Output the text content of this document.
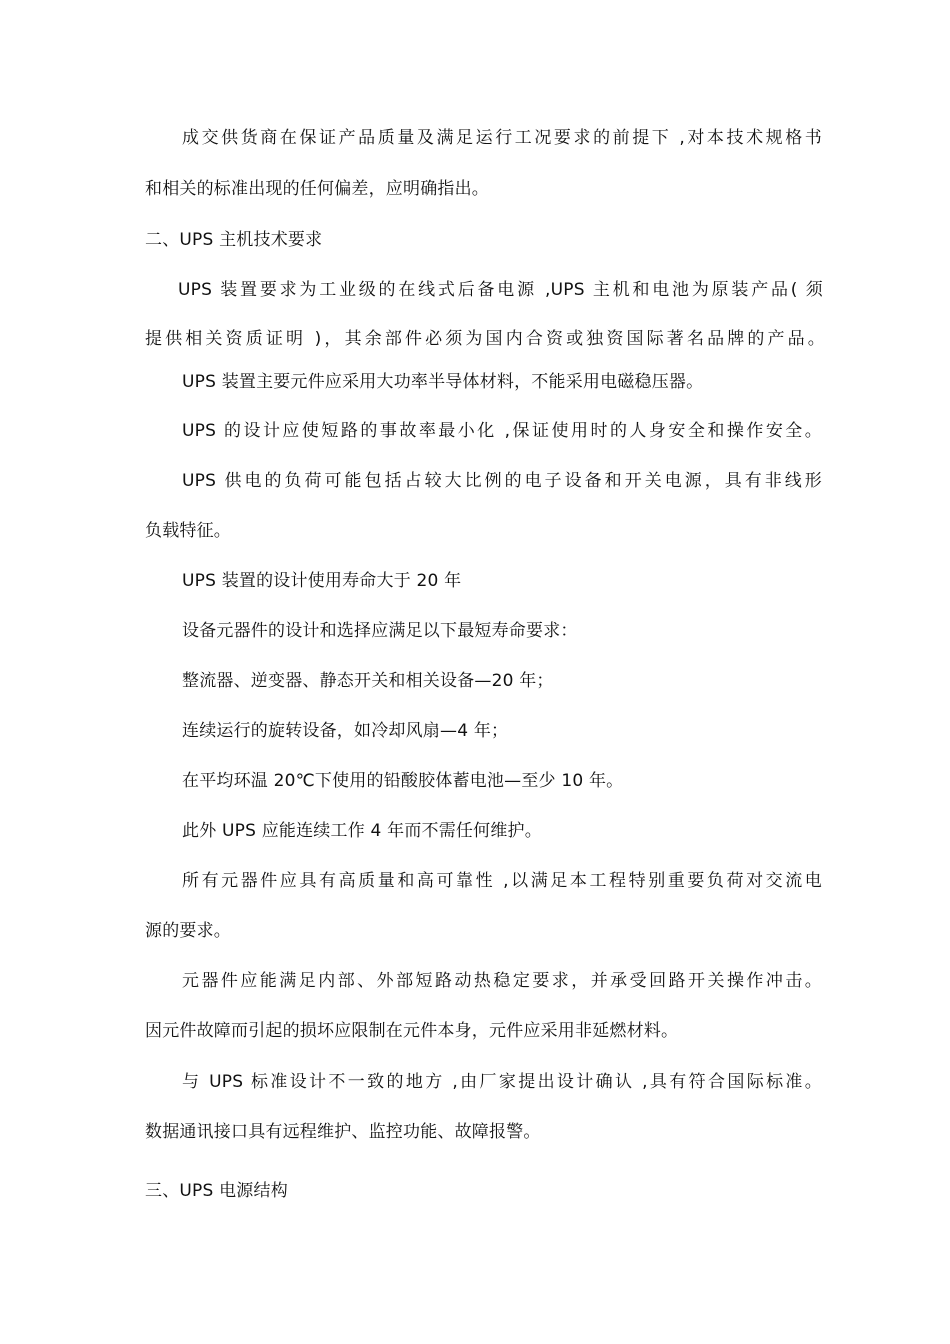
成交供货商在保证产品质量及满足运行工况要求的前提下 ,对本技术规格书
和相关的标准出现的任何偏差，应明确指出。
二、UPS 主机技术要求
UPS 装置要求为工业级的在线式后备电源 ,UPS 主机和电池为原装产品( 须
提供相关资质证明 )，其余部件必须为国内合资或独资国际著名品牌的产品。
UPS 装置主要元件应采用大功率半导体材料，不能采用电磁稳压器。
UPS 的设计应使短路的事故率最小化 ,保证使用时的人身安全和操作安全。
UPS 供电的负荷可能包括占较大比例的电子设备和开关电源，具有非线形
负载特征。
UPS 装置的设计使用寿命大于 20 年
设备元器件的设计和选择应满足以下最短寿命要求：
整流器、逆变器、静态开关和相关设备—20 年；
连续运行的旋转设备，如冷却风扇—4 年；
在平均环温 20℃下使用的铅酸胶体蓄电池—至少 10 年。
此外 UPS 应能连续工作 4 年而不需任何维护。
所有元器件应具有高质量和高可靠性 ,以满足本工程特别重要负荷对交流电
源的要求。
元器件应能满足内部、外部短路动热稳定要求，并承受回路开关操作冲击。
因元件故障而引起的损坏应限制在元件本身，元件应采用非延燃材料。
与 UPS 标准设计不一致的地方 ,由厂家提出设计确认 ,具有符合国际标准。
数据通讯接口具有远程维护、监控功能、故障报警。
三、UPS 电源结构
